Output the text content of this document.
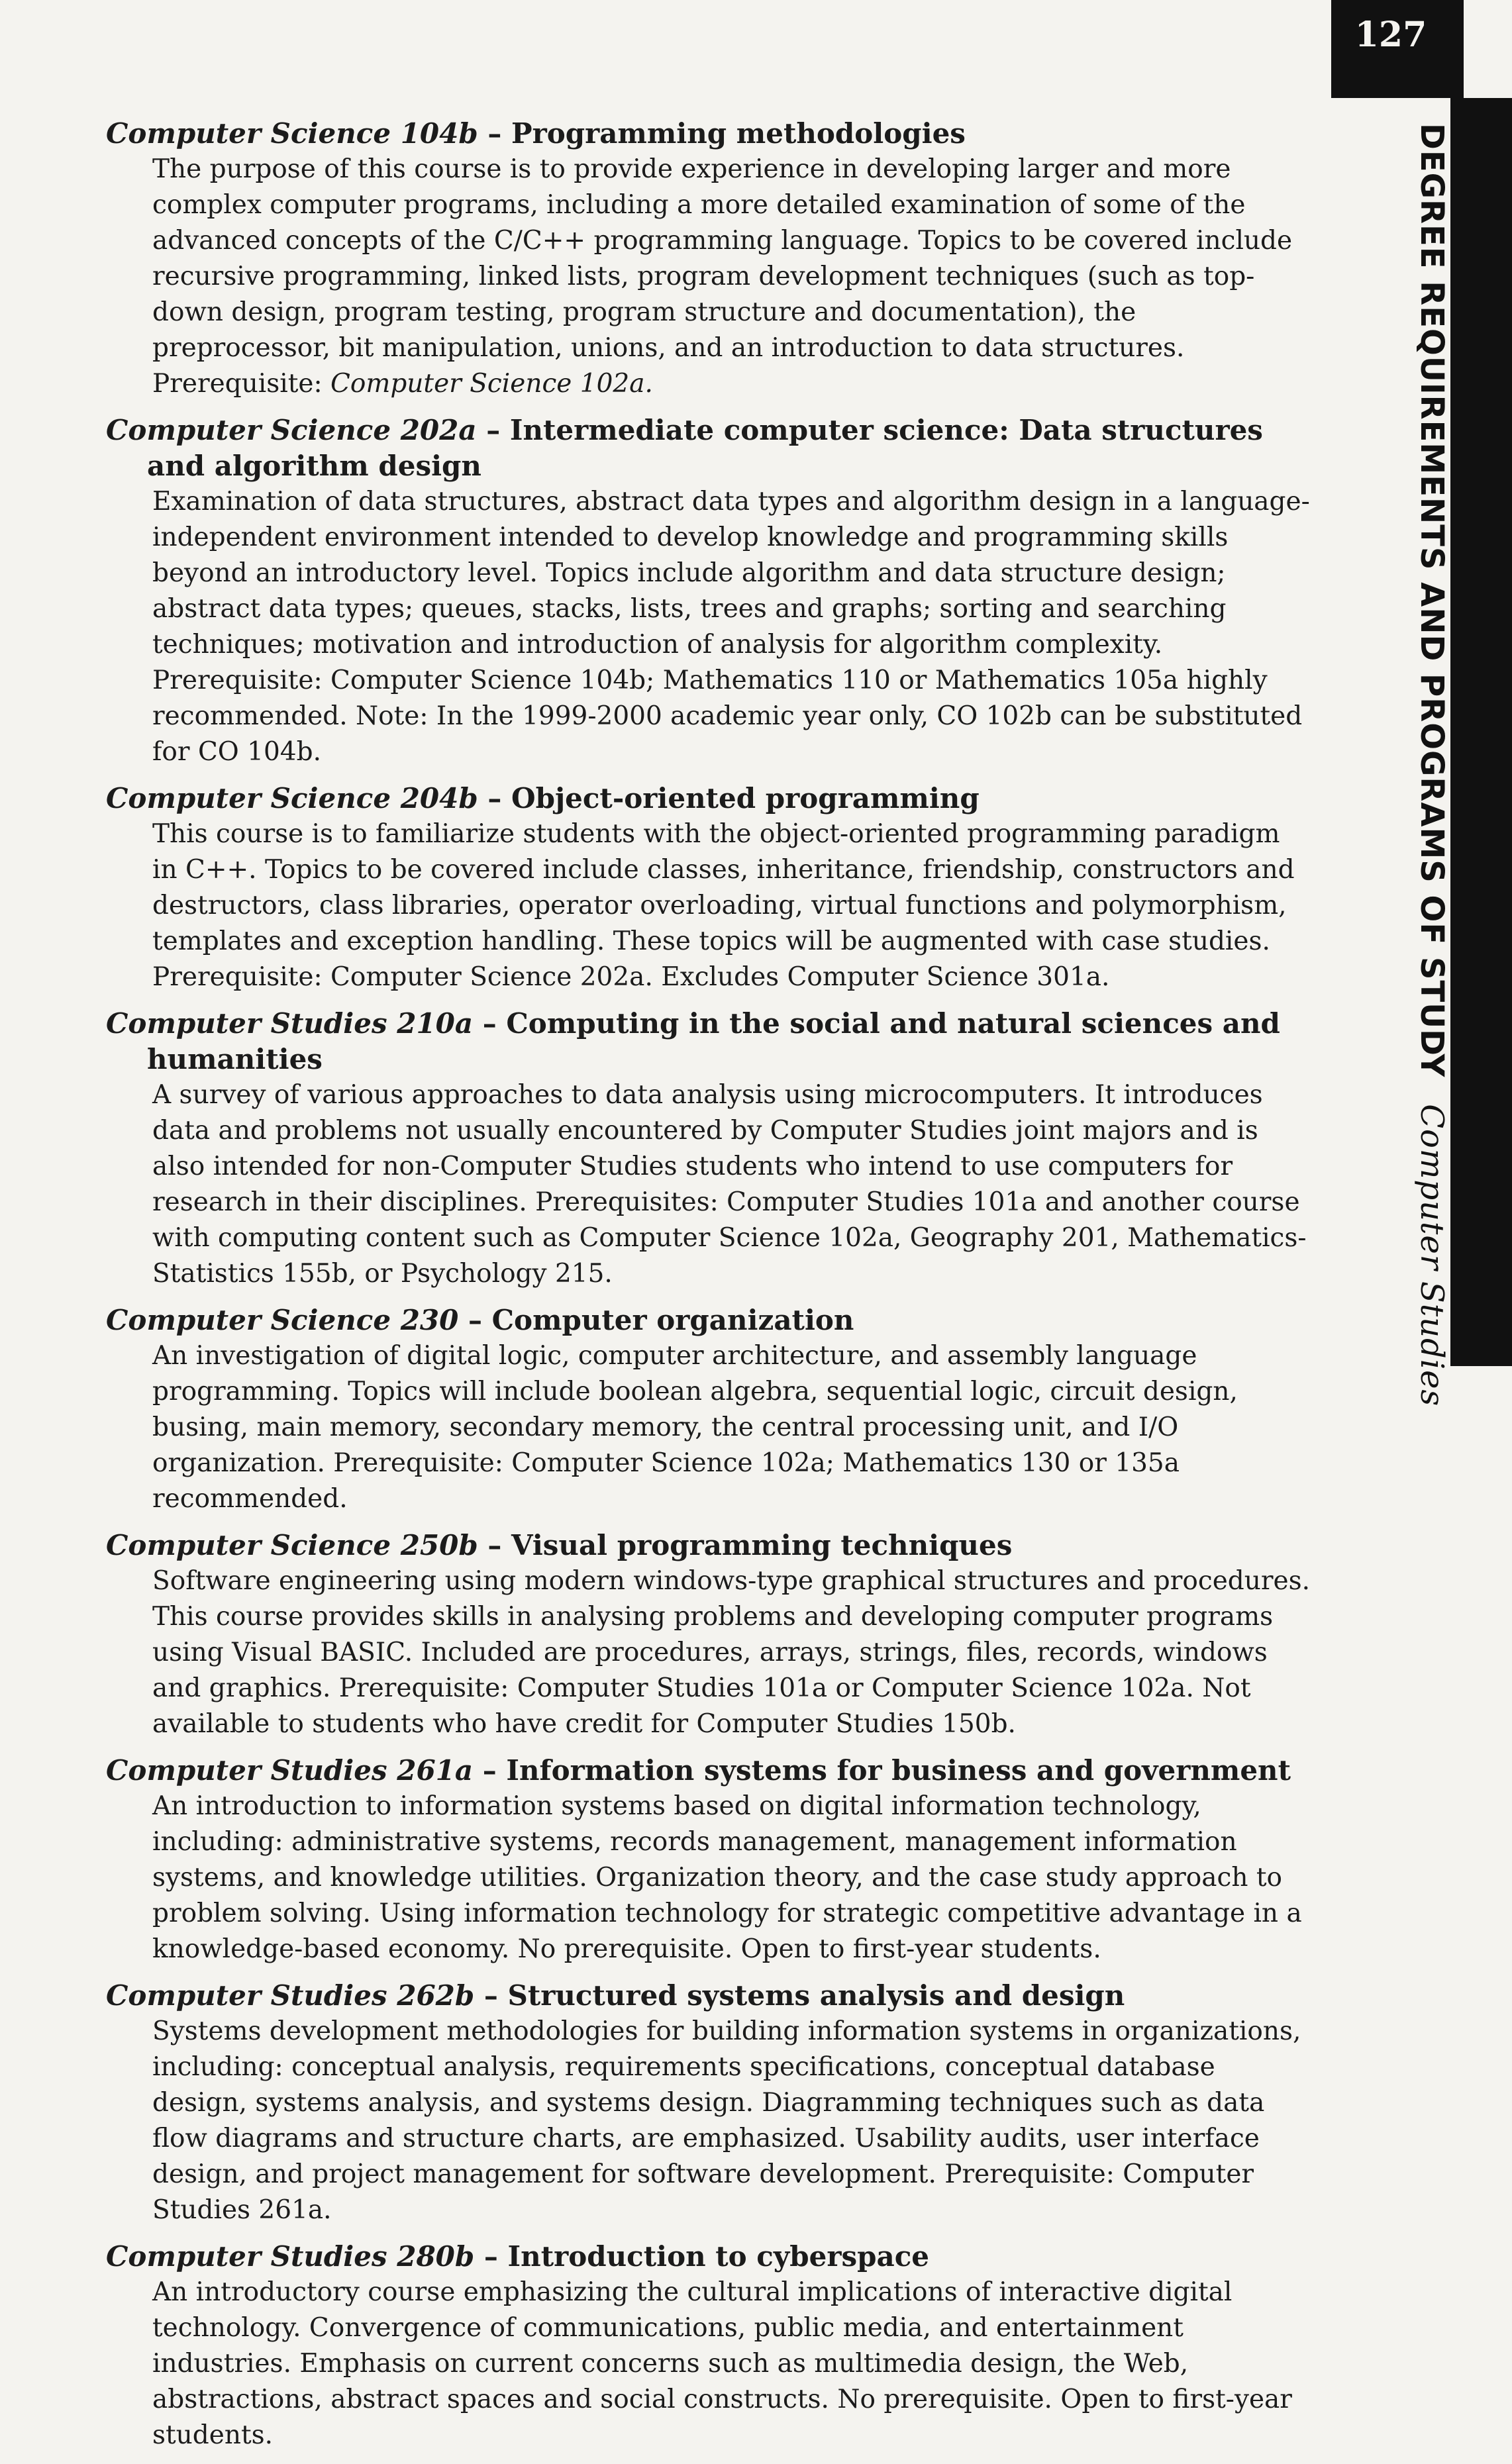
127
DEGREE REQUIREMENTS AND PROGRAMS OF STUDYComputer Studies
Computer Science 104b – Programming methodologies
The purpose of this course is to provide experience in developing larger and more complex computer programs, including a more detailed examination of some of the advanced concepts of the C/C++ programming language. Topics to be covered include recursive programming, linked lists, program development techniques (such as top-down design, program testing, program structure and documentation), the preprocessor, bit manipulation, unions, and an introduction to data structures. Prerequisite: Computer Science 102a.
Computer Science 202a – Intermediate computer science: Data structures and algorithm design
Examination of data structures, abstract data types and algorithm design in a language-independent environment intended to develop knowledge and programming skills beyond an introductory level. Topics include algorithm and data structure design; abstract data types; queues, stacks, lists, trees and graphs; sorting and searching techniques; motivation and introduction of analysis for algorithm complexity. Prerequisite: Computer Science 104b; Mathematics 110 or Mathematics 105a highly recommended. Note: In the 1999-2000 academic year only, CO 102b can be substituted for CO 104b.
Computer Science 204b – Object-oriented programming
This course is to familiarize students with the object-oriented programming paradigm in C++. Topics to be covered include classes, inheritance, friendship, constructors and destructors, class libraries, operator overloading, virtual functions and polymorphism, templates and exception handling. These topics will be augmented with case studies. Prerequisite: Computer Science 202a. Excludes Computer Science 301a.
Computer Studies 210a – Computing in the social and natural sciences and humanities
A survey of various approaches to data analysis using microcomputers. It introduces data and problems not usually encountered by Computer Studies joint majors and is also intended for non-Computer Studies students who intend to use computers for research in their disciplines. Prerequisites: Computer Studies 101a and another course with computing content such as Computer Science 102a, Geography 201, Mathematics-Statistics 155b, or Psychology 215.
Computer Science 230 – Computer organization
An investigation of digital logic, computer architecture, and assembly language programming. Topics will include boolean algebra, sequential logic, circuit design, busing, main memory, secondary memory, the central processing unit, and I/O organization. Prerequisite: Computer Science 102a; Mathematics 130 or 135a recommended.
Computer Science 250b – Visual programming techniques
Software engineering using modern windows-type graphical structures and procedures. This course provides skills in analysing problems and developing computer programs using Visual BASIC. Included are procedures, arrays, strings, files, records, windows and graphics. Prerequisite: Computer Studies 101a or Computer Science 102a. Not available to students who have credit for Computer Studies 150b.
Computer Studies 261a – Information systems for business and government
An introduction to information systems based on digital information technology, including: administrative systems, records management, management information systems, and knowledge utilities. Organization theory, and the case study approach to problem solving. Using information technology for strategic competitive advantage in a knowledge-based economy. No prerequisite. Open to first-year students.
Computer Studies 262b – Structured systems analysis and design
Systems development methodologies for building information systems in organizations, including: conceptual analysis, requirements specifications, conceptual database design, systems analysis, and systems design. Diagramming techniques such as data flow diagrams and structure charts, are emphasized. Usability audits, user interface design, and project management for software development. Prerequisite: Computer Studies 261a.
Computer Studies 280b – Introduction to cyberspace
An introductory course emphasizing the cultural implications of interactive digital technology. Convergence of communications, public media, and entertainment industries. Emphasis on current concerns such as multimedia design, the Web, abstractions, abstract spaces and social constructs. No prerequisite. Open to first-year students.
